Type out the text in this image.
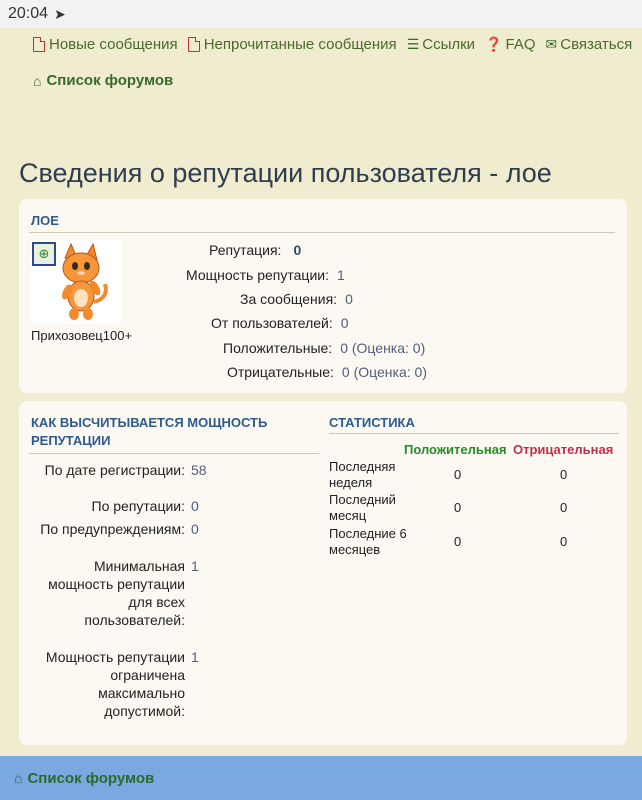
20:04 ➤
Новые сообщения Непрочитанные сообщения ☰ Ссылки ❓ FAQ ✉ Связаться
⌂ Список форумов
Сведения о репутации пользователя - лое
ЛОЕ
⊕
Прихозовец100+
Репутация: 0
Мощность репутации: 1
За сообщения: 0
От пользователей: 0
Положительные: 0 (Оценка: 0)
Отрицательные: 0 (Оценка: 0)
КАК ВЫСЧИТЫВАЕТСЯ МОЩНОСТЬ РЕПУТАЦИИ
По дате регистрации: 58
По репутации: 0
По предупреждениям: 0
Минимальная мощность репутации для всех пользователей:
1
Мощность репутации ограничена максимально допустимой:
1
СТАТИСТИКА
Положительная Отрицательная
Последняя неделя
0	0
Последний месяц
0	0
Последние 6 месяцев
0	0
⌂ Список форумов
